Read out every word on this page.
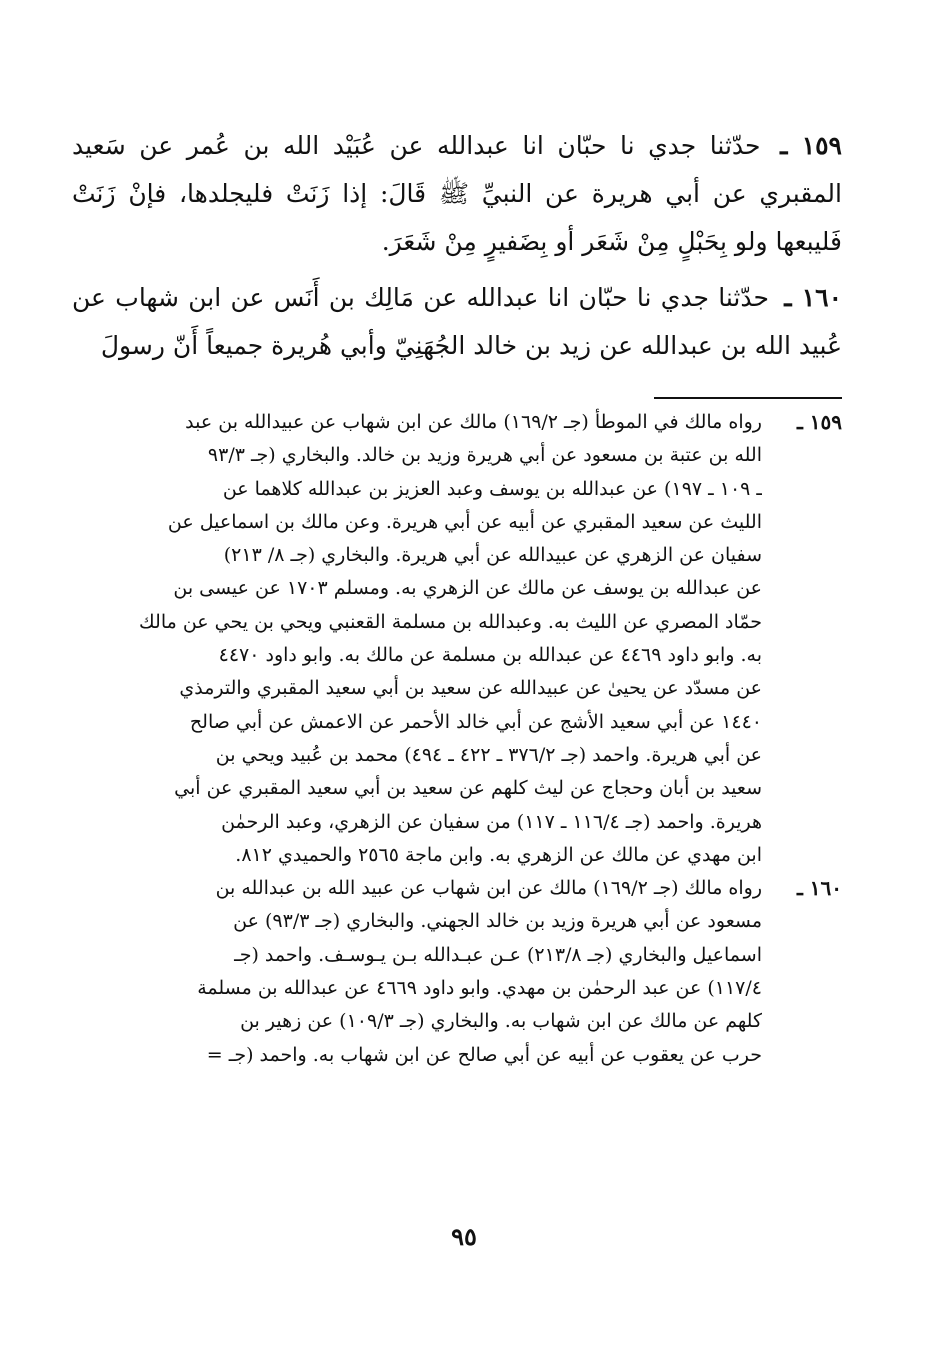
١٥٩ ـ حدّثنا جدي نا حبّان انا عبدالله عن عُبَيْد الله بن عُمر عن سَعيد المقبري عن أبي هريرة عن النبيِّ ﷺ قَالَ: إذا زَنَتْ فليجلدها، فإنْ زَنَتْ فَليبعها ولو بِحَبْلٍ مِنْ شَعَر أو بِضَفيرٍ مِنْ شَعَرَ.

١٦٠ ـ حدّثنا جدي نا حبّان انا عبدالله عن مَالِك بن أَنَس عن ابن شهاب عن عُبيد الله بن عبدالله عن زيد بن خالد الجُهَنِيّ وأبي هُريرة جميعاً أَنّ رسولَ

١٥٩ ـ
رواه مالك في الموطأ (جـ ١٦٩/٢) مالك عن ابن شهاب عن عبيدالله بن عبد
الله بن عتبة بن مسعود عن أبي هريرة وزيد بن خالد. والبخاري (جـ ٩٣/٣
ـ ١٠٩ ـ ١٩٧) عن عبدالله بن يوسف وعبد العزيز بن عبدالله كلاهما عن
الليث عن سعيد المقبري عن أبيه عن أبي هريرة. وعن مالك بن اسماعيل عن
سفيان عن الزهري عن عبيدالله عن أبي هريرة. والبخاري (جـ ٨/ ٢١٣)
عن عبدالله بن يوسف عن مالك عن الزهري به. ومسلم ١٧٠٣ عن عيسى بن
حمّاد المصري عن الليث به. وعبدالله بن مسلمة القعنبي ويحي بن يحي عن مالك
به. وابو داود ٤٤٦٩ عن عبدالله بن مسلمة عن مالك به. وابو داود ٤٤٧٠
عن مسدّد عن يحيىٰ عن عبيدالله عن سعيد بن أبي سعيد المقبري والترمذي
١٤٤٠ عن أبي سعيد الأشج عن أبي خالد الأحمر عن الاعمش عن أبي صالح
عن أبي هريرة. واحمد (جـ ٣٧٦/٢ ـ ٤٢٢ ـ ٤٩٤) محمد بن عُبيد ويحي بن
سعيد بن أبان وحجاج عن ليث كلهم عن سعيد بن أبي سعيد المقبري عن أبي
هريرة. واحمد (جـ ١١٦/٤ ـ ١١٧) من سفيان عن الزهري، وعبد الرحمٰن
ابن مهدي عن مالك عن الزهري به. وابن ماجة ٢٥٦٥ والحميدي ٨١٢.
١٦٠ ـ
رواه مالك (جـ ١٦٩/٢) مالك عن ابن شهاب عن عبيد الله بن عبدالله بن
مسعود عن أبي هريرة وزيد بن خالد الجهني. والبخاري (جـ ٩٣/٣) عن
اسماعيل والبخاري (جـ ٢١٣/٨) عـن عبـدالله بـن يـوسـف. واحمد (جـ
١١٧/٤) عن عبد الرحمٰن بن مهدي. وابو داود ٤٦٦٩ عن عبدالله بن مسلمة
كلهم عن مالك عن ابن شهاب به. والبخاري (جـ ١٠٩/٣) عن زهير بن
حرب عن يعقوب عن أبيه عن أبي صالح عن ابن شهاب به. واحمد (جـ =
٩٥
